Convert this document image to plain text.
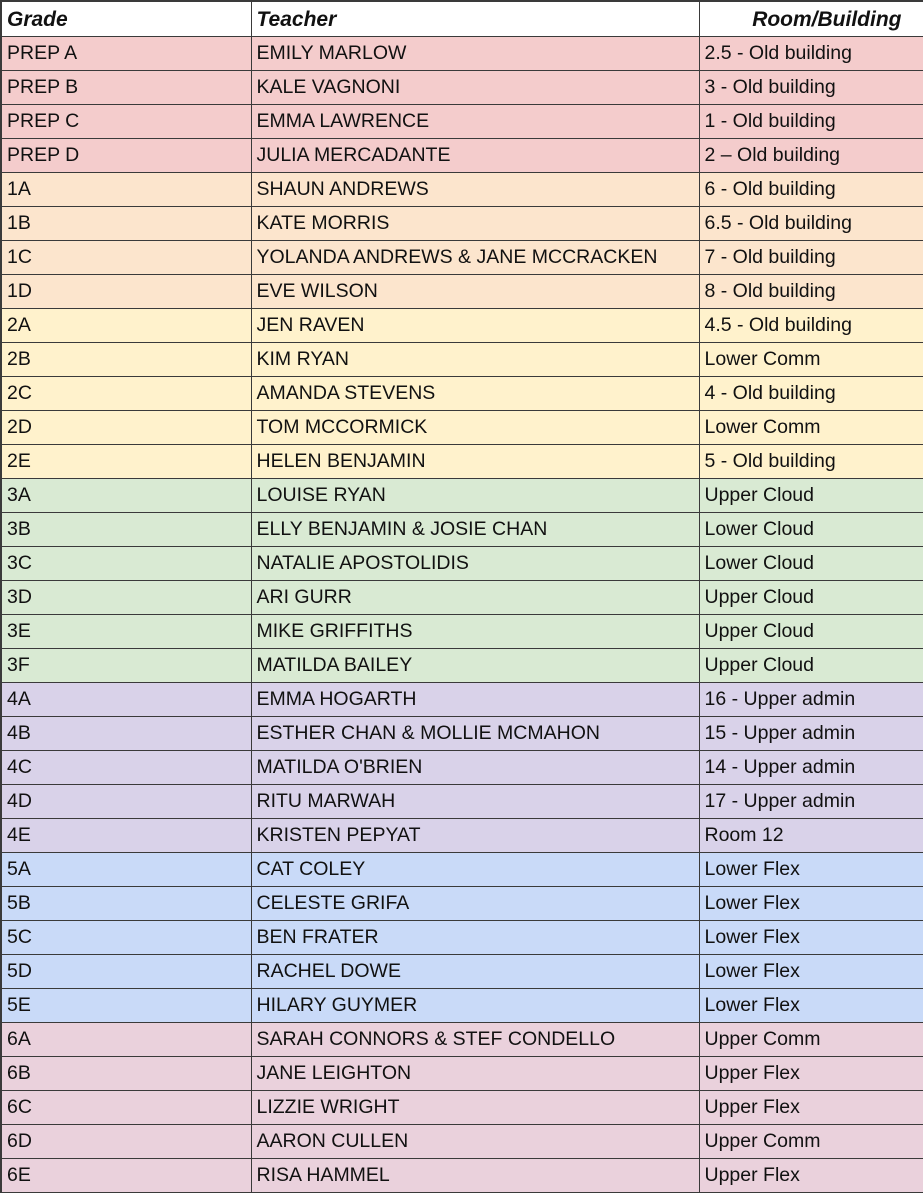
Grade	Teacher	Room/Building
PREP A	EMILY MARLOW	2.5 - Old building
PREP B	KALE VAGNONI	3 - Old building
PREP C	EMMA LAWRENCE	1 - Old building
PREP D	JULIA MERCADANTE	2 – Old building
1A	SHAUN ANDREWS	6 - Old building
1B	KATE MORRIS	6.5 - Old building
1C	YOLANDA ANDREWS & JANE MCCRACKEN	7 - Old building
1D	EVE WILSON	8 - Old building
2A	JEN RAVEN	4.5 - Old building
2B	KIM RYAN	Lower Comm
2C	AMANDA STEVENS	4 - Old building
2D	TOM MCCORMICK	Lower Comm
2E	HELEN BENJAMIN	5 - Old building
3A	LOUISE RYAN	Upper Cloud
3B	ELLY BENJAMIN & JOSIE CHAN	Lower Cloud
3C	NATALIE APOSTOLIDIS	Lower Cloud
3D	ARI GURR	Upper Cloud
3E	MIKE GRIFFITHS	Upper Cloud
3F	MATILDA BAILEY	Upper Cloud
4A	EMMA HOGARTH	16 - Upper admin
4B	ESTHER CHAN & MOLLIE MCMAHON	15 - Upper admin
4C	MATILDA O'BRIEN	14 - Upper admin
4D	RITU MARWAH	17 - Upper admin
4E	KRISTEN PEPYAT	Room 12
5A	CAT COLEY	Lower Flex
5B	CELESTE GRIFA	Lower Flex
5C	BEN FRATER	Lower Flex
5D	RACHEL DOWE	Lower Flex
5E	HILARY GUYMER	Lower Flex
6A	SARAH CONNORS & STEF CONDELLO	Upper Comm
6B	JANE LEIGHTON	Upper Flex
6C	LIZZIE WRIGHT	Upper Flex
6D	AARON CULLEN	Upper Comm
6E	RISA HAMMEL	Upper Flex
